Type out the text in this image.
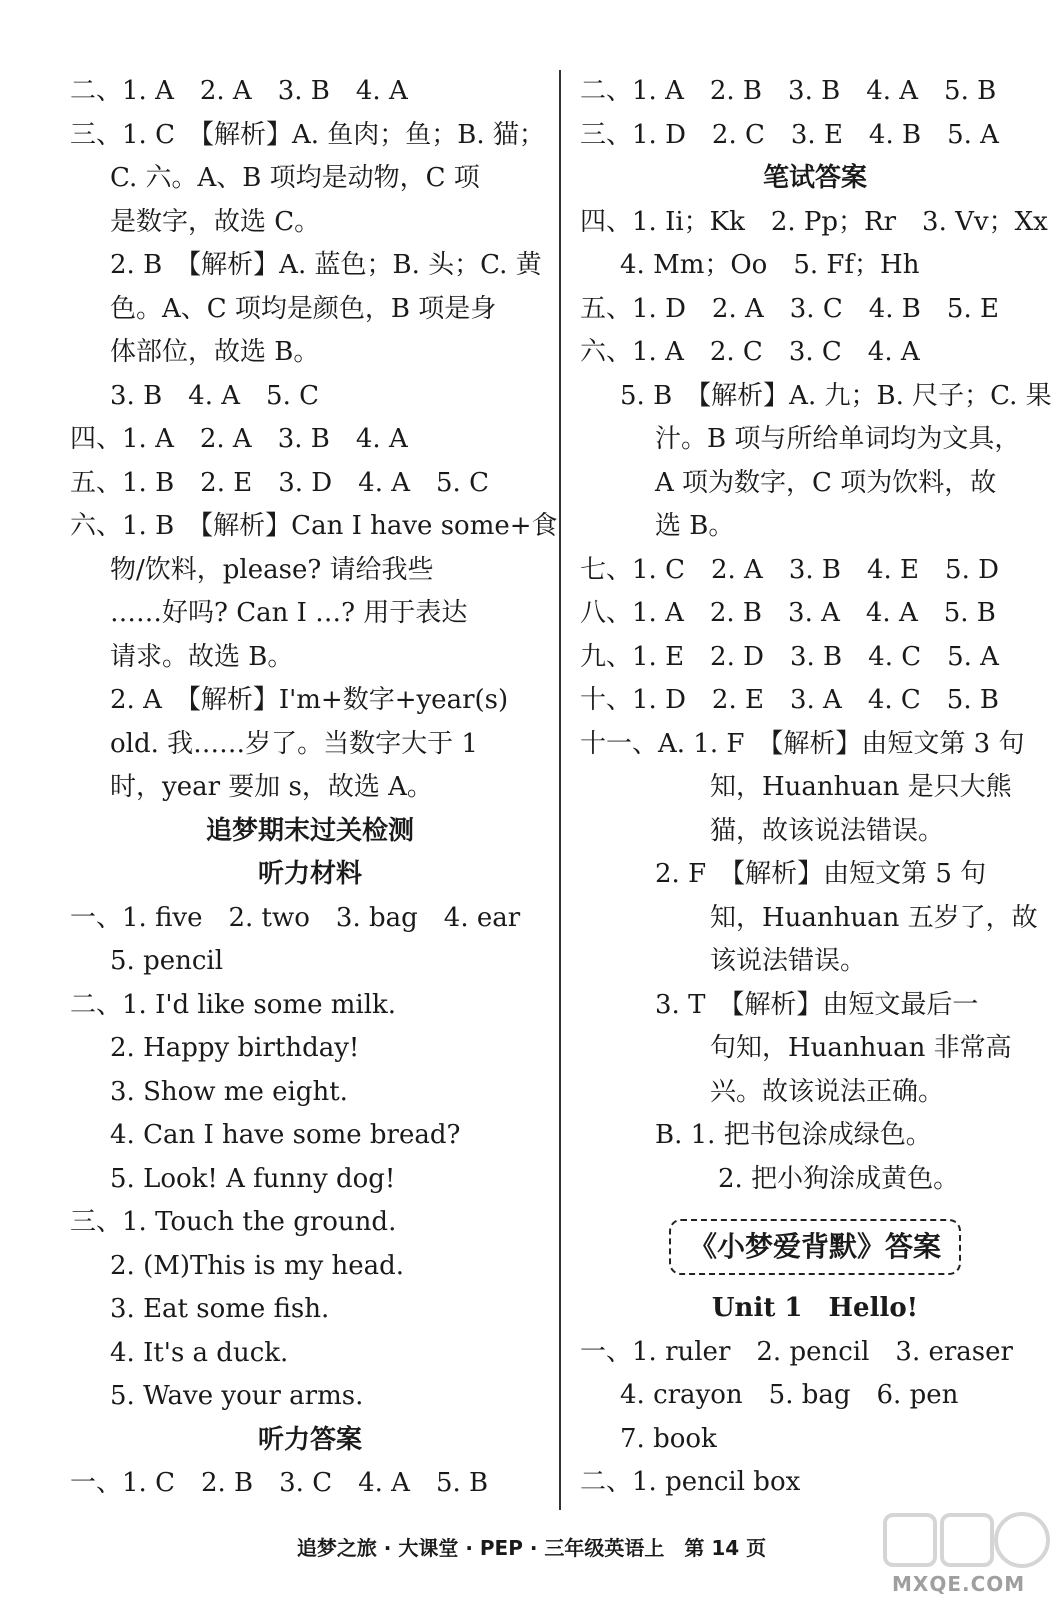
二、1. A　2. A　3. B　4. A
三、1. C　【解析】A. 鱼肉；鱼；B. 猫；
C. 六。A、B 项均是动物，C 项
是数字，故选 C。
2. B　【解析】A. 蓝色；B. 头；C. 黄
色。A、C 项均是颜色，B 项是身
体部位，故选 B。
3. B　4. A　5. C
四、1. A　2. A　3. B　4. A
五、1. B　2. E　3. D　4. A　5. C
六、1. B　【解析】Can I have some+食
物/饮料，please? 请给我些
……好吗? Can I …? 用于表达
请求。故选 B。
2. A　【解析】I'm+数字+year(s)
old. 我……岁了。当数字大于 1
时，year 要加 s，故选 A。
追梦期末过关检测
听力材料
一、1. five　2. two　3. bag　4. ear
5. pencil
二、1. I'd like some milk.
2. Happy birthday!
3. Show me eight.
4. Can I have some bread?
5. Look! A funny dog!
三、1. Touch the ground.
2. (M)This is my head.
3. Eat some fish.
4. It's a duck.
5. Wave your arms.
听力答案
一、1. C　2. B　3. C　4. A　5. B
二、1. A　2. B　3. B　4. A　5. B
三、1. D　2. C　3. E　4. B　5. A
笔试答案
四、1. Ii；Kk　2. Pp；Rr　3. Vv；Xx
4. Mm；Oo　5. Ff；Hh
五、1. D　2. A　3. C　4. B　5. E
六、1. A　2. C　3. C　4. A
5. B　【解析】A. 九；B. 尺子；C. 果
汁。B 项与所给单词均为文具，
A 项为数字，C 项为饮料，故
选 B。
七、1. C　2. A　3. B　4. E　5. D
八、1. A　2. B　3. A　4. A　5. B
九、1. E　2. D　3. B　4. C　5. A
十、1. D　2. E　3. A　4. C　5. B
十一、A. 1. F　【解析】由短文第 3 句
知，Huanhuan 是只大熊
猫，故该说法错误。
2. F　【解析】由短文第 5 句
知，Huanhuan 五岁了，故
该说法错误。
3. T　【解析】由短文最后一
句知，Huanhuan 非常高
兴。故该说法正确。
B. 1. 把书包涂成绿色。
2. 把小狗涂成黄色。
《小梦爱背默》答案
Unit 1　Hello!
一、1. ruler　2. pencil　3. eraser
4. crayon　5. bag　6. pen
7. book
二、1. pencil box
追梦之旅 · 大课堂 · PEP · 三年级英语上　第 14 页
MXQE.COM
